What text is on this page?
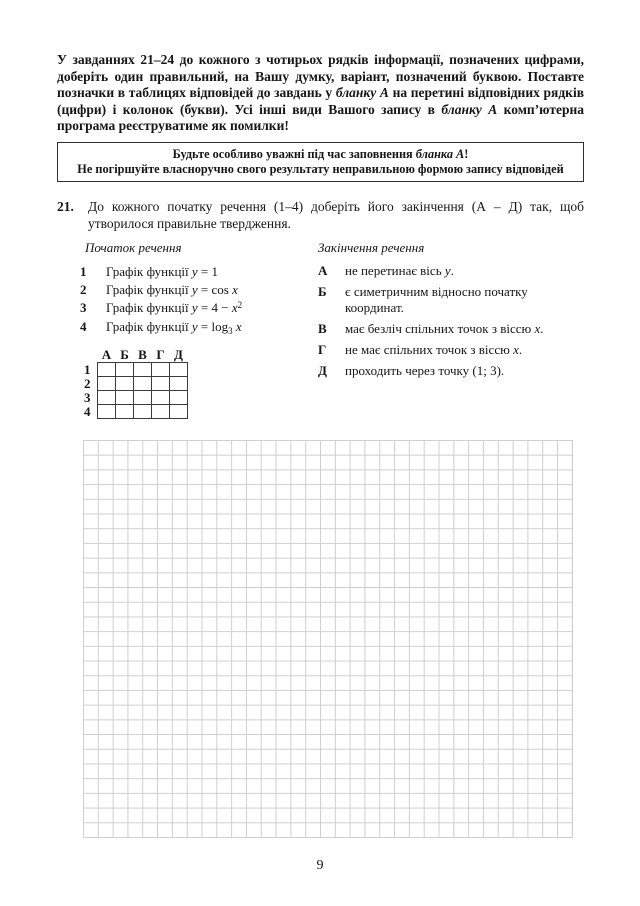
У завданнях 21–24 до кожного з чотирьох рядків інформації, позначених цифрами, доберіть один правильний, на Вашу думку, варіант, позначений буквою. Поставте позначки в таблицях відповідей до завдань у бланку А на перетині відповідних рядків (цифри) і колонок (букви). Усі інші види Вашого запису в бланку А комп’ютерна програма реєструватиме як помилки!
Будьте особливо уважні під час заповнення бланка А!
Не погіршуйте власноручно свого результату неправильною формою запису відповідей
21. До кожного початку речення (1–4) доберіть його закінчення (А – Д) так, щоб утворилося правильне твердження.
Початок речення
1	Графік функції y = 1
2	Графік функції y = cos x
3	Графік функції $y = 4 - x^2$
4	Графік функції $y = \log_3 x$
	А	Б	В	Г	Д
1					
2					
3					
4					
Закінчення речення
А	не перетинає вісь y.
Б	є симетричним відносно початку координат.
В	має безліч спільних точок з віссю x.
Г	не має спільних точок з віссю x.
Д	проходить через точку (1; 3).
9
